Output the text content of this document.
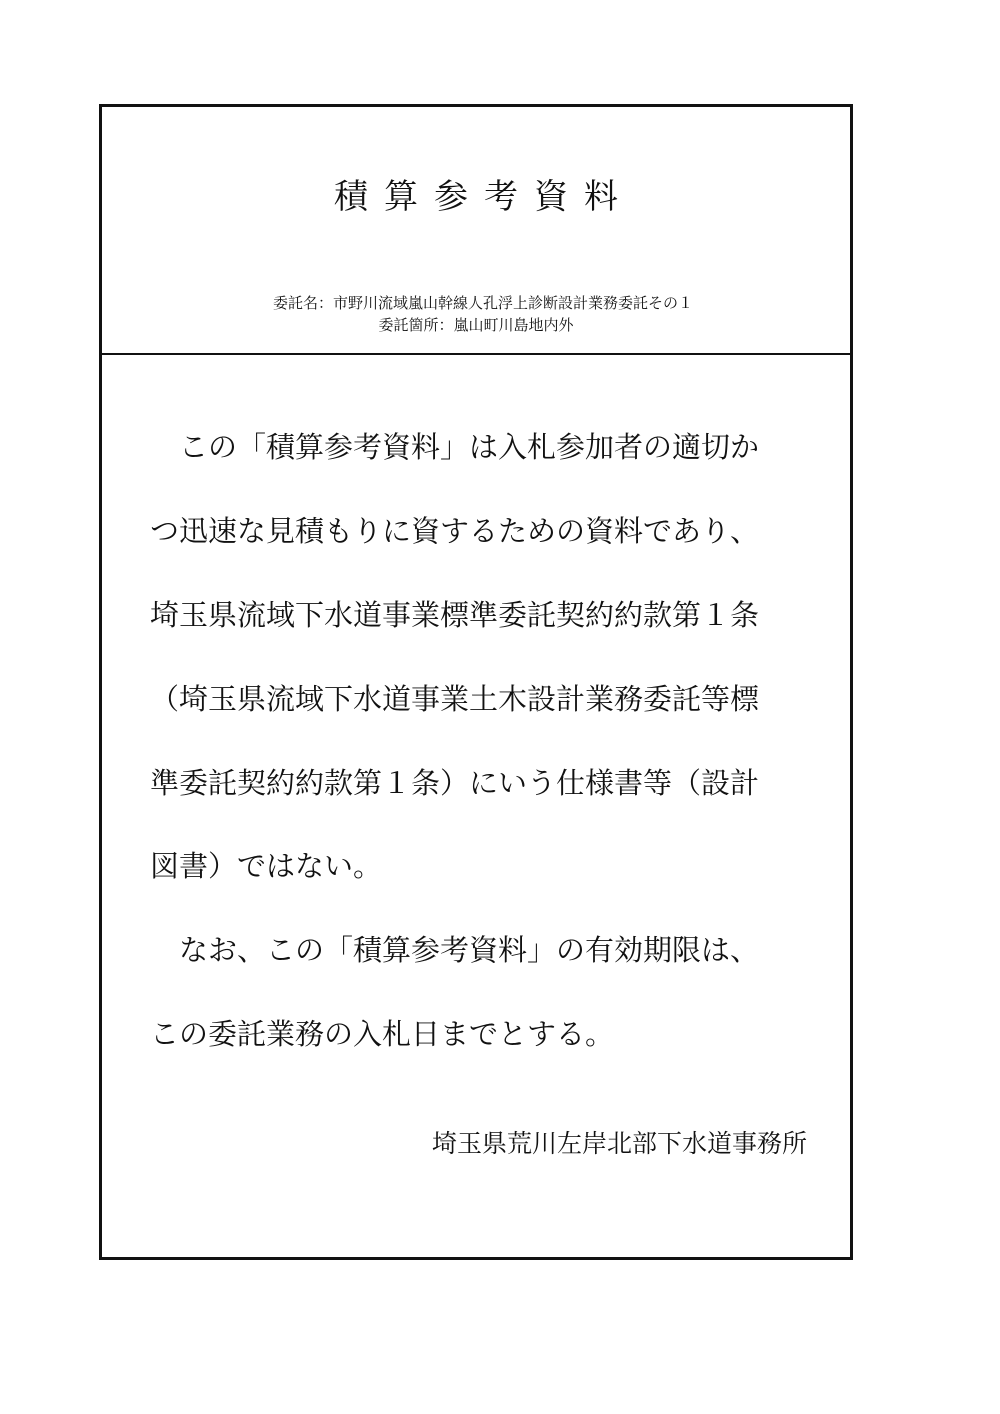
積算参考資料
委託名：市野川流域嵐山幹線人孔浮上診断設計業務委託その１
委託箇所：嵐山町川島地内外
　この「積算参考資料」は入札参加者の適切か
つ迅速な見積もりに資するための資料であり、
埼玉県流域下水道事業標準委託契約約款第１条
（埼玉県流域下水道事業土木設計業務委託等標
準委託契約約款第１条）にいう仕様書等（設計
図書）ではない。
　なお、この「積算参考資料」の有効期限は、
この委託業務の入札日までとする。
埼玉県荒川左岸北部下水道事務所
